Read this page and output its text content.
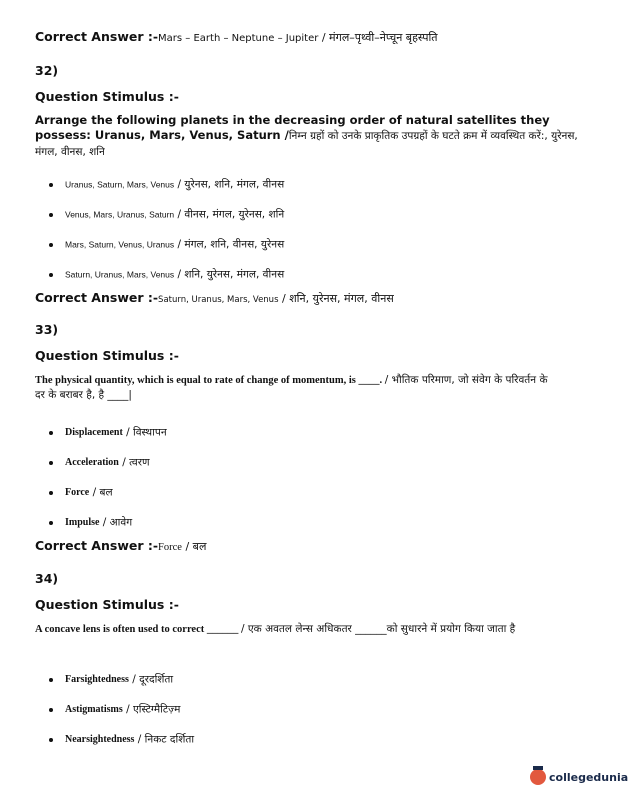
Correct Answer :-Mars – Earth – Neptune – Jupiter / मंगल–पृथ्वी–नेप्चून बृहस्पति
32)
Question Stimulus :-
Arrange the following planets in the decreasing order of natural satellites they possess: Uranus, Mars, Venus, Saturn /निम्न ग्रहों को उनके प्राकृतिक उपग्रहों के घटते क्रम में व्यवस्थित करें:, युरेनस, मंगल, वीनस, शनि
Uranus, Saturn, Mars, Venus / युरेनस, शनि, मंगल, वीनस
Venus, Mars, Uranus, Saturn / वीनस, मंगल, युरेनस, शनि
Mars, Saturn, Venus, Uranus / मंगल, शनि, वीनस, युरेनस
Saturn, Uranus, Mars, Venus / शनि, युरेनस, मंगल, वीनस
Correct Answer :-Saturn, Uranus, Mars, Venus / शनि, युरेनस, मंगल, वीनस
33)
Question Stimulus :-
The physical quantity, which is equal to rate of change of momentum, is ____. / भौतिक परिमाण, जो संवेग के परिवर्तन के दर के बराबर है, है ____|
Displacement / विस्थापन
Acceleration / त्वरण
Force / बल
Impulse / आवेग
Correct Answer :-Force / बल
34)
Question Stimulus :-
A concave lens is often used to correct ______ / एक अवतल लेन्स अधिकतर ______को सुधारने में प्रयोग किया जाता है
Farsightedness / दूरदर्शिता
Astigmatisms / एस्टिग्मैटिज़्म
Nearsightedness / निकट दर्शिता
collegedunia
